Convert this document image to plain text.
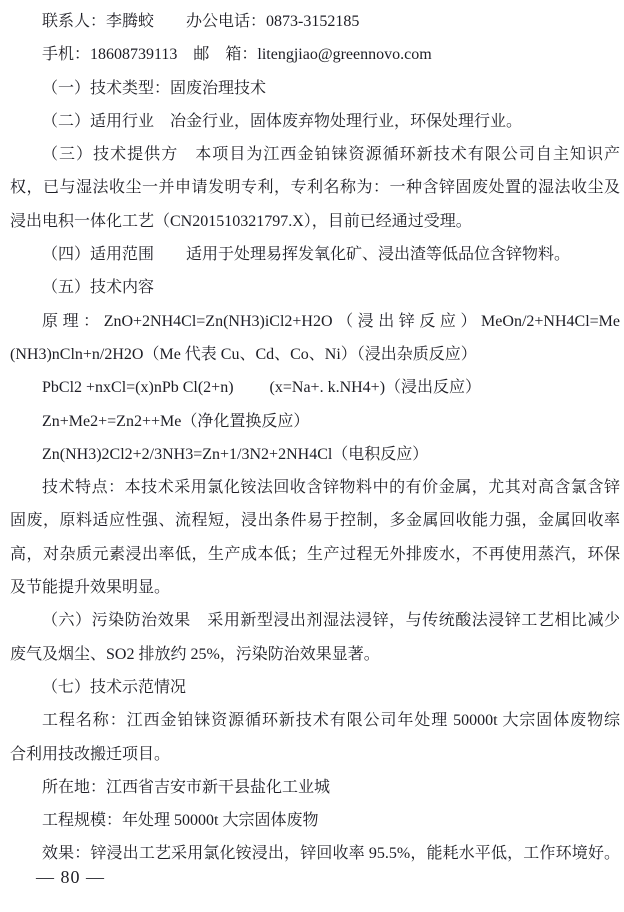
联系人：李腾蛟　　办公电话：0873-3152185
手机：18608739113　邮　箱：litengjiao@greennovo.com
（一）技术类型：固废治理技术
（二）适用行业　冶金行业，固体废弃物处理行业，环保处理行业。
（三）技术提供方　本项目为江西金铂铼资源循环新技术有限公司自主知识产
权，已与湿法收尘一并申请发明专利，专利名称为：一种含锌固废处置的湿法收尘及
浸出电积一体化工艺（CN201510321797.X），目前已经通过受理。
（四）适用范围　　适用于处理易挥发氧化矿、浸出渣等低品位含锌物料。
（五）技术内容
原理：ZnO+2NH4Cl=Zn(NH3)iCl2+H2O（浸出锌反应）MeOn/2+NH4Cl=Me
(NH3)nCln+n/2H2O（Me 代表 Cu、Cd、Co、Ni）（浸出杂质反应）
PbCl2 +nxCl=(x)nPb Cl(2+n)　　 (x=Na+. k.NH4+)（浸出反应）
Zn+Me2+=Zn2++Me（净化置换反应）
Zn(NH3)2Cl2+2/3NH3=Zn+1/3N2+2NH4Cl（电积反应）
技术特点：本技术采用氯化铵法回收含锌物料中的有价金属，尤其对高含氯含锌
固废，原料适应性强、流程短，浸出条件易于控制，多金属回收能力强，金属回收率
高，对杂质元素浸出率低，生产成本低；生产过程无外排废水，不再使用蒸汽，环保
及节能提升效果明显。
（六）污染防治效果　采用新型浸出剂湿法浸锌，与传统酸法浸锌工艺相比减少
废气及烟尘、SO2 排放约 25%，污染防治效果显著。
（七）技术示范情况
工程名称：江西金铂铼资源循环新技术有限公司年处理 50000t 大宗固体废物综
合利用技改搬迁项目。
所在地：江西省吉安市新干县盐化工业城
工程规模：年处理 50000t 大宗固体废物
效果：锌浸出工艺采用氯化铵浸出，锌回收率 95.5%，能耗水平低，工作环境好。
— 80 —
